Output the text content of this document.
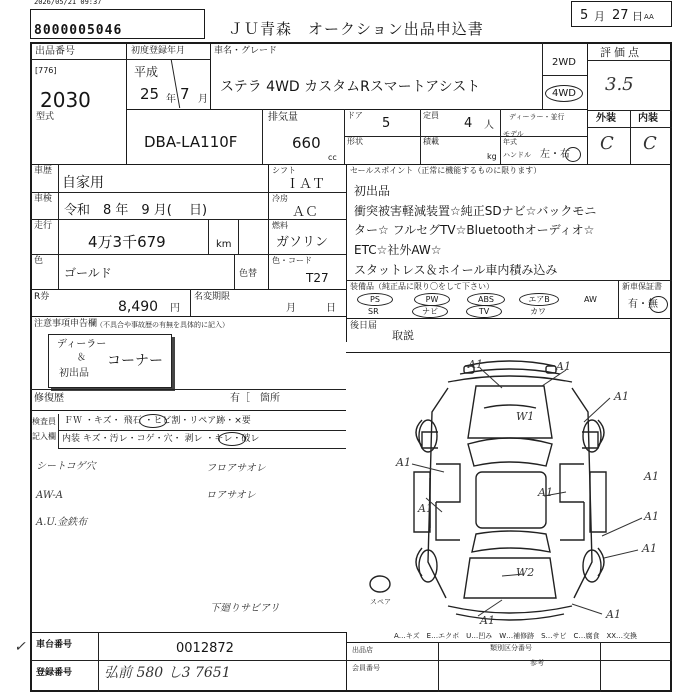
2026/05/21 09:37
8000005046	ＪＵ青森　オークション出品申込書
5 月 27 日 AA
出品番号
[776]
2030
初度登録年月
平成
25 年 7 月
車名・グレード
ステラ 4WD カスタムRスマートアシスト
2WD
4WD
評価点
3.5
外装 内装
C C
型式
DBA-LA110F
排気量
660
cc
ドア
5
定員
4 人
形状	積載
kg
ディーラー・並行
モデル
年式
ハンドル 左・右
車歴
自家用
車検
令和　8 年　9 月(　 日)
走行
4万3千679	km
色
ゴールド
シフト
ＩＡＴ
冷房
ＡＣ
燃料
ガソリン
色・コード
T27
色替
セールスポイント（正常に機能するものに限ります）
初出品
衝突被害軽減装置☆純正SDナビ☆バックモニ
ター☆ フルセグTV☆Bluetoothオーディオ☆
ETC☆社外AW☆
スタットレス＆ホイール車内積み込み
R券
8,490 円
名変期限
月	日
装備品（純正品に限り〇をして下さい）	新車保証書
有・無
PS	PW	ABS	エアB	AW
SR	ナビ	TV	カワ
注意事項申告欄
（不具合や事故歴の有無を具体的に記入）
ディーラー
＆
初出品
コーナー
修復歴	有［　箇所
後日届
取説
検査員
記入欄
ＦＷ ・キズ・ 飛石 ・ヒビ割・リペア跡・×要
内装 キズ・汚レ・コゲ・穴・ 剥レ ・キレ・破レ
シートコゲ穴
AW-A
A.U.金鉄布
フロアサオレ
ロアサオレ
下廻りサビアリ
✓
A1	A1
W1
A1
A1
A1
A1
A1
W2
A1
A1
A1	A1
スペア
A…キズ　E…エクボ　U…凹み　W…補修跡　S…サビ　C…腐食　XX…交換
車台番号	0012872
登録番号 弘前 580 し3 7651
出品店
会員番号
類別区分番号
参考
